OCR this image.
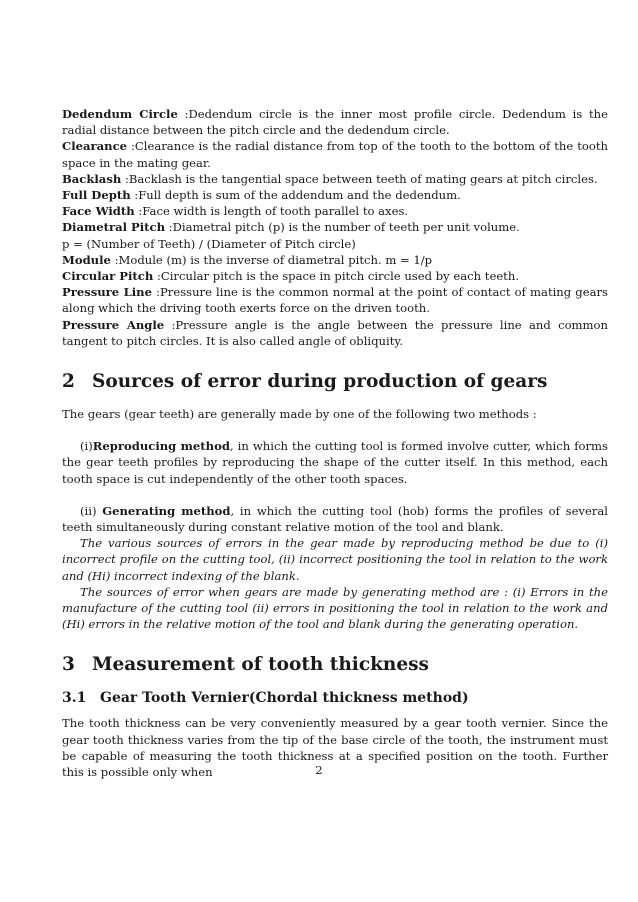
Dedendum Circle :Dedendum circle is the inner most profile circle. Dedendum is the radial distance between the pitch circle and the dedendum circle.

Clearance :Clearance is the radial distance from top of the tooth to the bottom of the tooth space in the mating gear.

Backlash :Backlash is the tangential space between teeth of mating gears at pitch circles.

Full Depth :Full depth is sum of the addendum and the dedendum.

Face Width :Face width is length of tooth parallel to axes.

Diametral Pitch :Diametral pitch (p) is the number of teeth per unit volume.

p = (Number of Teeth) / (Diameter of Pitch circle)

Module :Module (m) is the inverse of diametral pitch. m = 1/p

Circular Pitch :Circular pitch is the space in pitch circle used by each teeth.

Pressure Line :Pressure line is the common normal at the point of contact of mating gears along which the driving tooth exerts force on the driven tooth.

Pressure Angle :Pressure angle is the angle between the pressure line and common tangent to pitch circles. It is also called angle of obliquity.

2 Sources of error during production of gears

The gears (gear teeth) are generally made by one of the following two methods :

(i)Reproducing method, in which the cutting tool is formed involve cutter, which forms the gear teeth profiles by reproducing the shape of the cutter itself. In this method, each tooth space is cut independently of the other tooth spaces.

(ii) Generating method, in which the cutting tool (hob) forms the profiles of several teeth simultaneously during constant relative motion of the tool and blank.

The various sources of errors in the gear made by reproducing method be due to (i) incorrect profile on the cutting tool, (ii) incorrect positioning the tool in relation to the work and (Hi) incorrect indexing of the blank.

The sources of error when gears are made by generating method are : (i) Errors in the manufacture of the cutting tool (ii) errors in positioning the tool in relation to the work and (Hi) errors in the relative motion of the tool and blank during the generating operation.

3 Measurement of tooth thickness
3.1 Gear Tooth Vernier(Chordal thickness method)

The tooth thickness can be very conveniently measured by a gear tooth vernier. Since the gear tooth thickness varies from the tip of the base circle of the tooth, the instrument must be capable of measuring the tooth thickness at a specified position on the tooth. Further this is possible only when	2
